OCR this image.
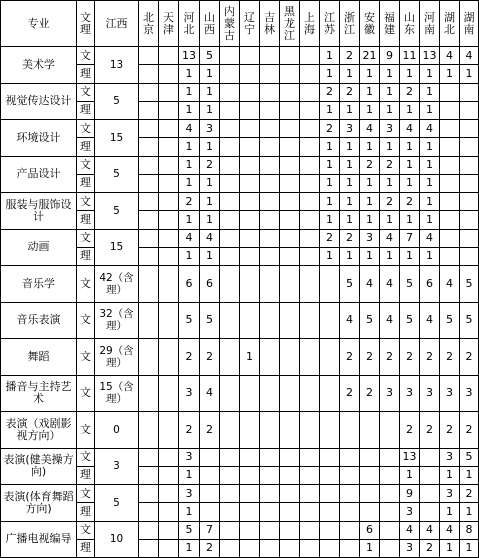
专业	文理	江西	北京	天津	河北	山西	内蒙古	辽宁	吉林	黑龙江	上海	江苏	浙江	安徽	福建	山东	河南	湖北	湖南
美术学	文	13			13	5						1	2	21	9	11	13	4	4
	理				1	1						1	1	1	1	1	1	1	1
视觉传达设计	文	5			1	1						2	2	1	1	2	1		
	理				1	1						1	1	1	1	1	1		
环境设计	文	15			4	3						2	3	4	3	4	4		
	理				1	1						1	1	1	1	1	1		
产品设计	文	5			1	2						1	1	2	2	1	1		
	理				1	1						1	1	1	1	1	1		
服装与服饰设计	文	5			2	1						1	1	1	2	2	1		
	理				1	1						1	1	1	1	1	1		
动画	文	15			4	4						2	2	3	4	7	4		
	理				1	1						1	1	1	1	1	1		
音乐学	文	42（含理）			6	6							5	4	4	5	6	4	5
音乐表演	文	32（含理）			5	5							4	5	4	5	4	5	5
舞蹈	文	29（含理）			2	2		1					2	2	2	2	2	2	2
播音与主持艺术	文	15（含理）			3	4							2	2	3	3	3	3	3
表演（戏剧影视方向）	文	0			2	2										2	2	2	2
表演(健美操方向)	文	3			3											13		3	5
	理				1											1		1	1
表演(体育舞蹈方向)	文	5			3											9		3	2
	理				1											3		1	1
广播电视编导	文	10			5	7								6		4	4	4	8
	理				1	2								1		3	2	1	1
